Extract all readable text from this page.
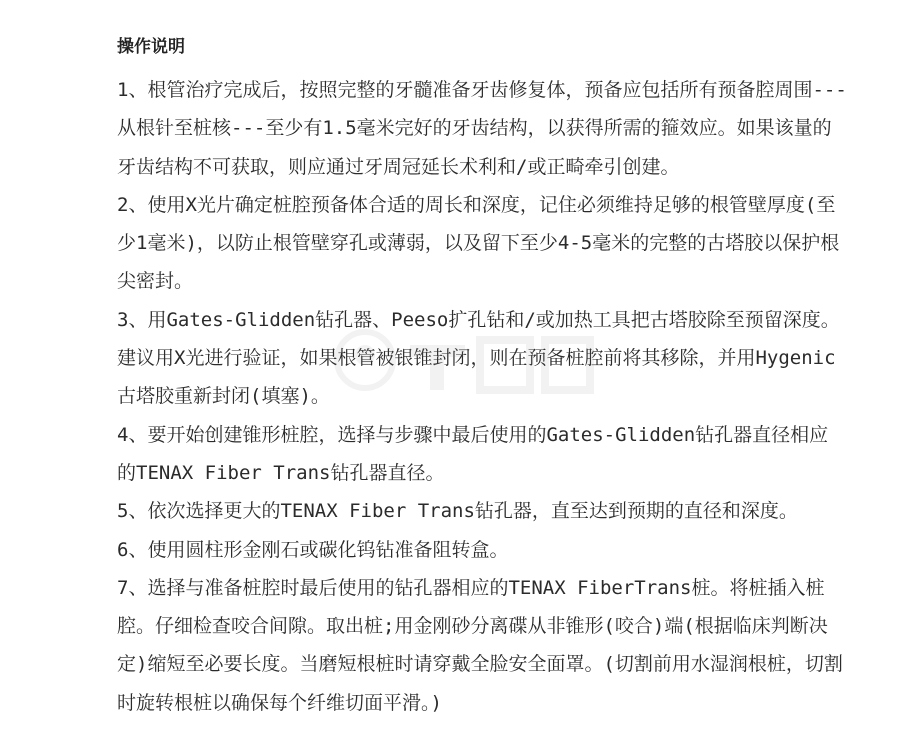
操作说明

1、根管治疗完成后，按照完整的牙髓准备牙齿修复体，预备应包括所有预备腔周围---从根针至桩核---至少有1.5毫米完好的牙齿结构，以获得所需的箍效应。如果该量的牙齿结构不可获取，则应通过牙周冠延长术利和/或正畸牵引创建。

2、使用X光片确定桩腔预备体合适的周长和深度，记住必须维持足够的根管壁厚度(至少1毫米)，以防止根管壁穿孔或薄弱，以及留下至少4-5毫米的完整的古塔胶以保护根尖密封。

3、用Gates-Glidden钻孔器、Peeso扩孔钻和/或加热工具把古塔胶除至预留深度。建议用X光进行验证，如果根管被银锥封闭，则在预备桩腔前将其移除，并用Hygenic古塔胶重新封闭(填塞)。

4、要开始创建锥形桩腔，选择与步骤中最后使用的Gates-Glidden钻孔器直径相应的TENAX Fiber Trans钻孔器直径。

5、依次选择更大的TENAX Fiber Trans钻孔器，直至达到预期的直径和深度。

6、使用圆柱形金刚石或碳化钨钻准备阻转盒。

7、选择与准备桩腔时最后使用的钻孔器相应的TENAX FiberTrans桩。将桩插入桩腔。仔细检查咬合间隙。取出桩;用金刚砂分离碟从非锥形(咬合)端(根据临床判断决定)缩短至必要长度。当磨短根桩时请穿戴全脸安全面罩。(切割前用水湿润根桩，切割时旋转根桩以确保每个纤维切面平滑。)
